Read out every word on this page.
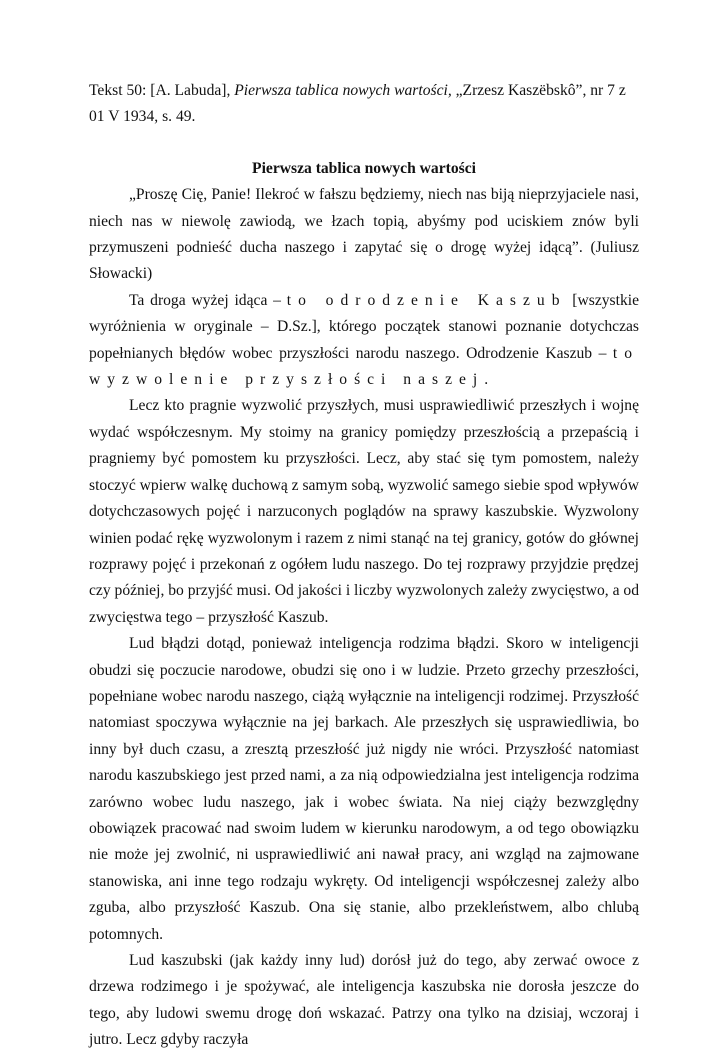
Tekst 50: [A. Labuda], Pierwsza tablica nowych wartości, „Zrzesz Kaszëbskô”, nr 7 z 01 V 1934, s. 49.

Pierwsza tablica nowych wartości

„Proszę Cię, Panie! Ilekroć w fałszu będziemy, niech nas biją nieprzyjaciele nasi, niech nas w niewolę zawiodą, we łzach topią, abyśmy pod uciskiem znów byli przymuszeni podnieść ducha naszego i zapytać się o drogę wyżej idącą”. (Juliusz Słowacki)

Ta droga wyżej idąca – to odrodzenie Kaszub [wszystkie wyróżnienia w oryginale – D.Sz.], którego początek stanowi poznanie dotychczas popełnianych błędów wobec przyszłości narodu naszego. Odrodzenie Kaszub – to wyzwolenie przyszłości naszej.

Lecz kto pragnie wyzwolić przyszłych, musi usprawiedliwić przeszłych i wojnę wydać współczesnym. My stoimy na granicy pomiędzy przeszłością a przepaścią i pragniemy być pomostem ku przyszłości. Lecz, aby stać się tym pomostem, należy stoczyć wpierw walkę duchową z samym sobą, wyzwolić samego siebie spod wpływów dotychczasowych pojęć i narzuconych poglądów na sprawy kaszubskie. Wyzwolony winien podać rękę wyzwolonym i razem z nimi stanąć na tej granicy, gotów do głównej rozprawy pojęć i przekonań z ogółem ludu naszego. Do tej rozprawy przyjdzie prędzej czy później, bo przyjść musi. Od jakości i liczby wyzwolonych zależy zwycięstwo, a od zwycięstwa tego – przyszłość Kaszub.

Lud błądzi dotąd, ponieważ inteligencja rodzima błądzi. Skoro w inteligencji obudzi się poczucie narodowe, obudzi się ono i w ludzie. Przeto grzechy przeszłości, popełniane wobec narodu naszego, ciążą wyłącznie na inteligencji rodzimej. Przyszłość natomiast spoczywa wyłącznie na jej barkach. Ale przeszłych się usprawiedliwia, bo inny był duch czasu, a zresztą przeszłość już nigdy nie wróci. Przyszłość natomiast narodu kaszubskiego jest przed nami, a za nią odpowiedzialna jest inteligencja rodzima zarówno wobec ludu naszego, jak i wobec świata. Na niej ciąży bezwzględny obowiązek pracować nad swoim ludem w kierunku narodowym, a od tego obowiązku nie może jej zwolnić, ni usprawiedliwić ani nawał pracy, ani wzgląd na zajmowane stanowiska, ani inne tego rodzaju wykręty. Od inteligencji współczesnej zależy albo zguba, albo przyszłość Kaszub. Ona się stanie, albo przekleństwem, albo chlubą potomnych.

Lud kaszubski (jak każdy inny lud) dorósł już do tego, aby zerwać owoce z drzewa rodzimego i je spożywać, ale inteligencja kaszubska nie dorosła jeszcze do tego, aby ludowi swemu drogę doń wskazać. Patrzy ona tylko na dzisiaj, wczoraj i jutro. Lecz gdyby raczyła
